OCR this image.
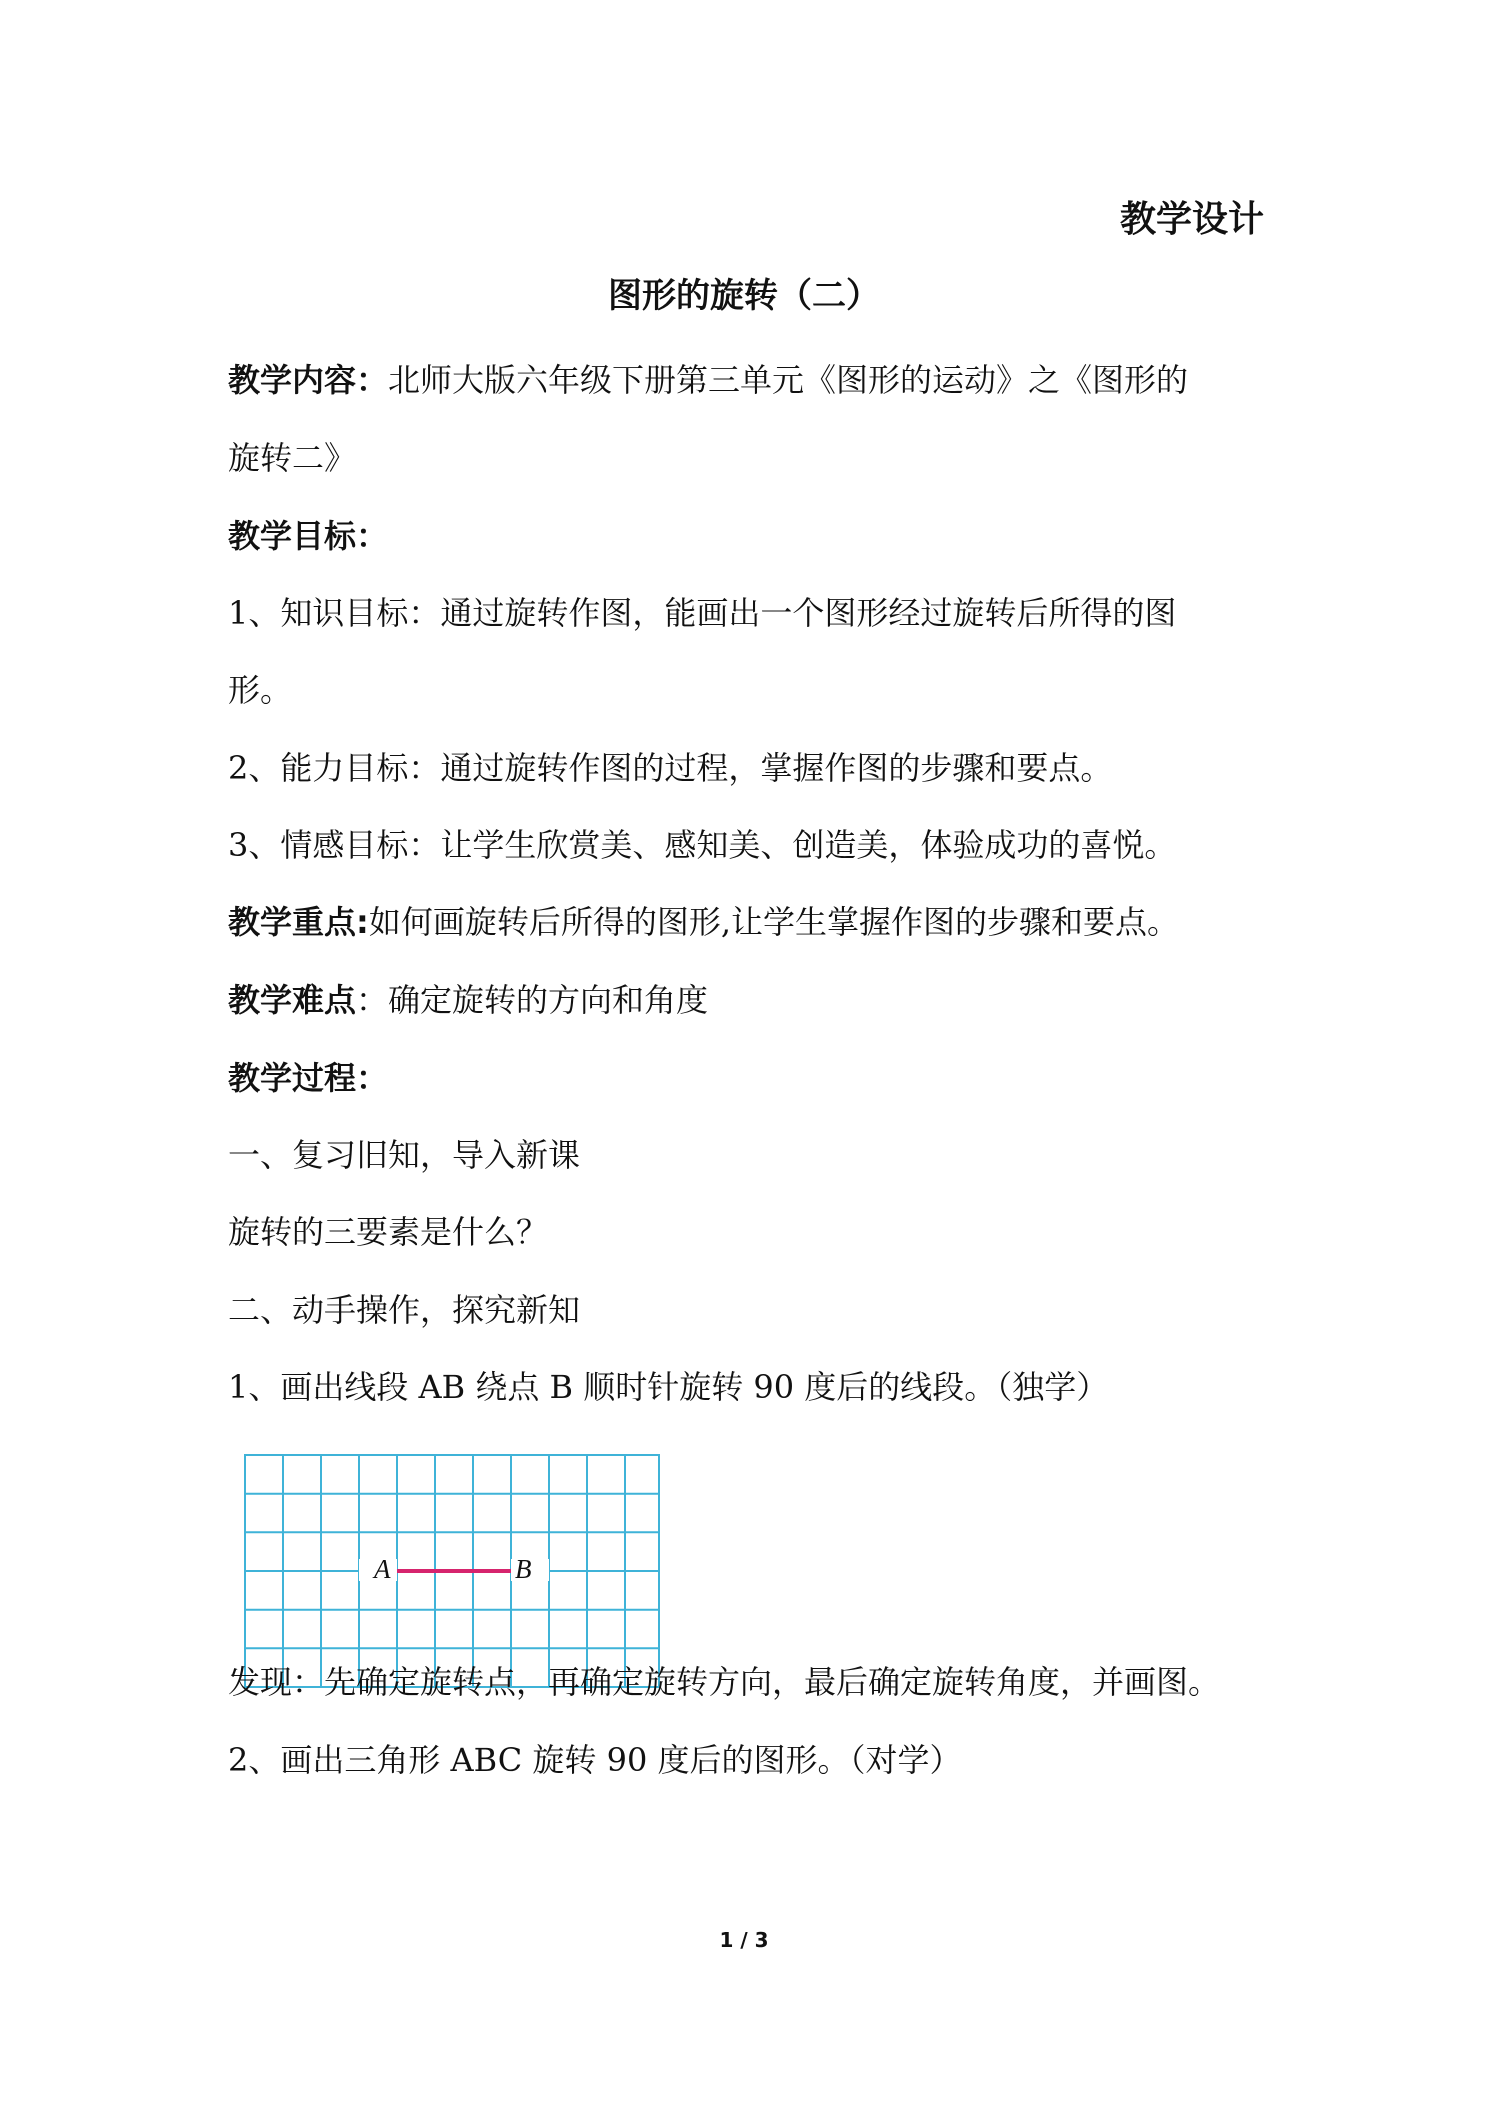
教学设计
图形的旋转（二）
教学内容：北师大版六年级下册第三单元《图形的运动》之《图形的
旋转二》
教学目标：
1、知识目标：通过旋转作图，能画出一个图形经过旋转后所得的图
形。
2、能力目标：通过旋转作图的过程，掌握作图的步骤和要点。
3、情感目标：让学生欣赏美、感知美、创造美，体验成功的喜悦。
教学重点:如何画旋转后所得的图形,让学生掌握作图的步骤和要点。
教学难点：确定旋转的方向和角度
教学过程：
一、复习旧知，导入新课
旋转的三要素是什么？
二、动手操作，探究新知
1、画出线段 AB 绕点 B 顺时针旋转 90 度后的线段。（独学）
A	B
发现：先确定旋转点，再确定旋转方向，最后确定旋转角度，并画图。
2、画出三角形 ABC 旋转 90 度后的图形。（对学）
1 / 3
